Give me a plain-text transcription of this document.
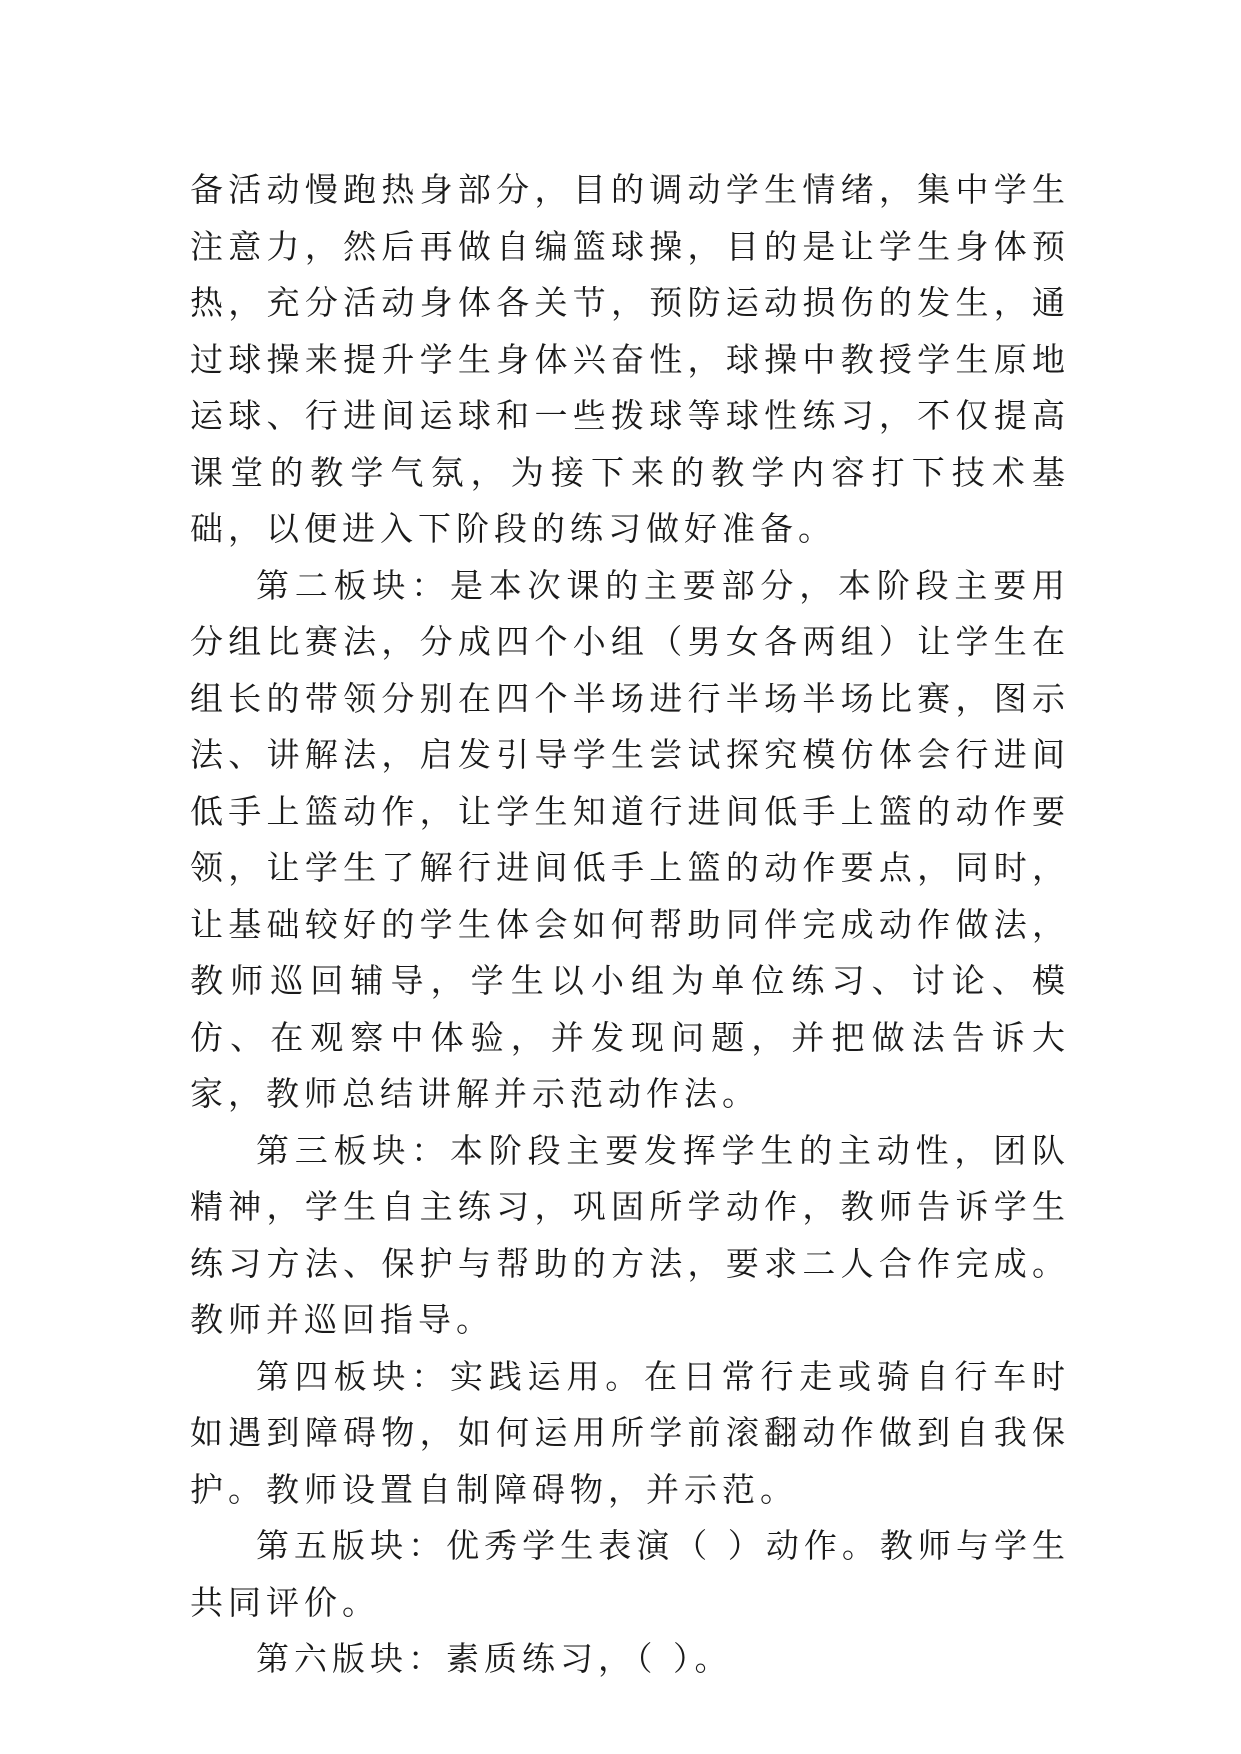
备活动慢跑热身部分，目的调动学生情绪，集中学生注意力，然后再做自编篮球操，目的是让学生身体预热，充分活动身体各关节，预防运动损伤的发生，通过球操来提升学生身体兴奋性，球操中教授学生原地运球、行进间运球和一些拨球等球性练习，不仅提高课堂的教学气氛，为接下来的教学内容打下技术基础，以便进入下阶段的练习做好准备。

第二板块：是本次课的主要部分，本阶段主要用分组比赛法，分成四个小组（男女各两组）让学生在组长的带领分别在四个半场进行半场半场比赛，图示法、讲解法，启发引导学生尝试探究模仿体会行进间低手上篮动作，让学生知道行进间低手上篮的动作要领，让学生了解行进间低手上篮的动作要点，同时，让基础较好的学生体会如何帮助同伴完成动作做法，教师巡回辅导，学生以小组为单位练习、讨论、模仿、在观察中体验，并发现问题，并把做法告诉大家，教师总结讲解并示范动作法。

第三板块：本阶段主要发挥学生的主动性，团队精神，学生自主练习，巩固所学动作，教师告诉学生练习方法、保护与帮助的方法，要求二人合作完成。教师并巡回指导。

第四板块：实践运用。在日常行走或骑自行车时如遇到障碍物，如何运用所学前滚翻动作做到自我保护。教师设置自制障碍物，并示范。

第五版块：优秀学生表演（ ）动作。教师与学生共同评价。

第六版块：素质练习，（ ）。
